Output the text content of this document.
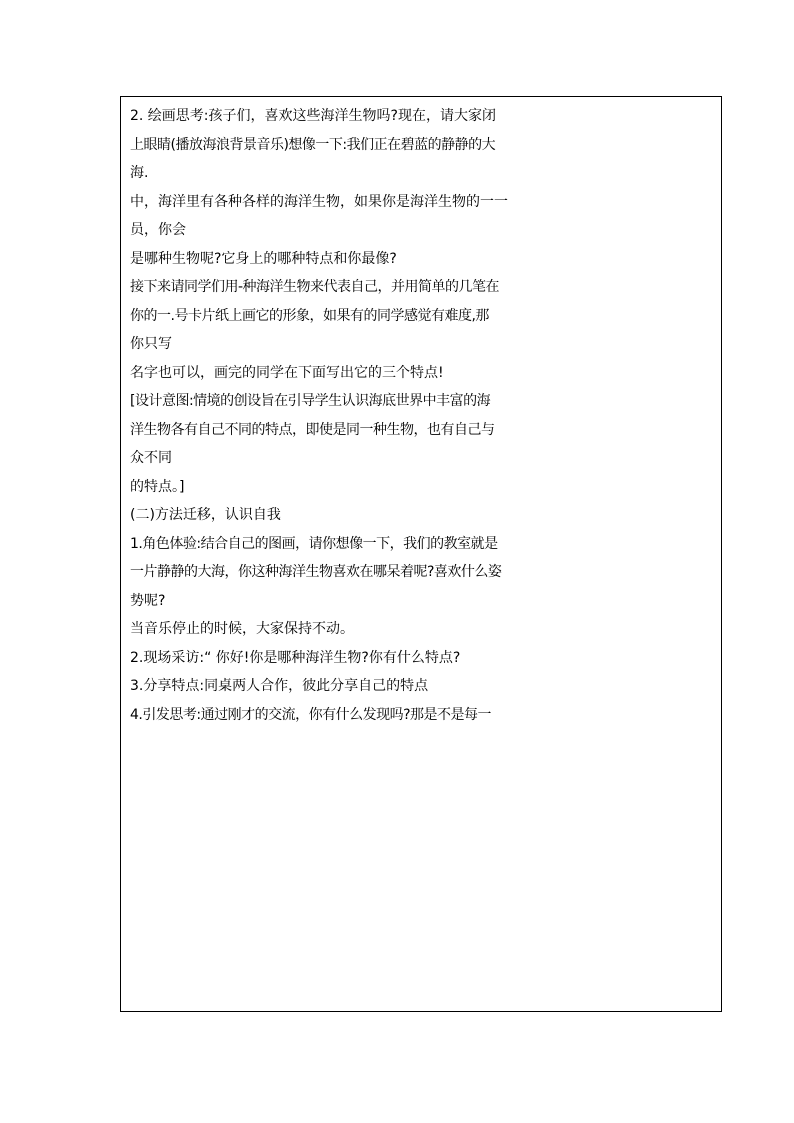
2. 绘画思考:孩子们，喜欢这些海洋生物吗?现在，请大家闭
上眼睛(播放海浪背景音乐)想像一下:我们正在碧蓝的静静的大
海.
中，海洋里有各种各样的海洋生物，如果你是海洋生物的一一
员，你会
是哪种生物呢?它身上的哪种特点和你最像?
接下来请同学们用-种海洋生物来代表自己，并用简单的几笔在
你的一.号卡片纸上画它的形象，如果有的同学感觉有难度,那
你只写
名字也可以，画完的同学在下面写出它的三个特点!
[设计意图:情境的创设旨在引导学生认识海底世界中丰富的海
洋生物各有自己不同的特点，即使是同一种生物，也有自己与
众不同
的特点。]
(二)方法迁移，认识自我
1.角色体验:结合自己的图画，请你想像一下，我们的教室就是
一片静静的大海，你这种海洋生物喜欢在哪呆着呢?喜欢什么姿
势呢?
当音乐停止的时候，大家保持不动。
2.现场采访:“ 你好!你是哪种海洋生物?你有什么特点?
3.分享特点:同桌两人合作，彼此分享自己的特点
4.引发思考:通过刚才的交流，你有什么发现吗?那是不是每一
